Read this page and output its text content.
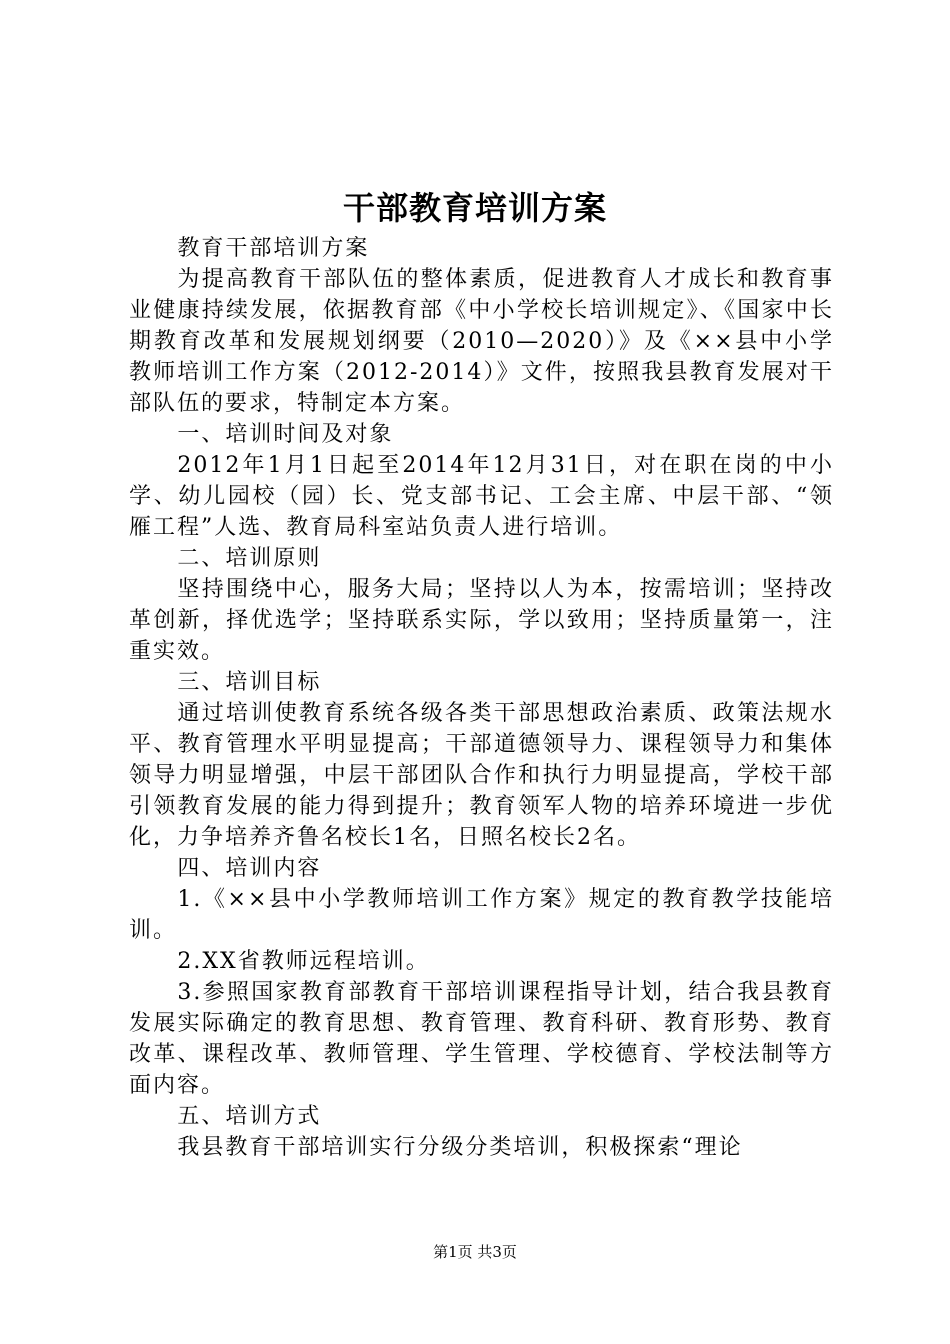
干部教育培训方案

教育干部培训方案

为提高教育干部队伍的整体素质，促进教育人才成长和教育事业健康持续发展，依据教育部《中小学校长培训规定》、《国家中长期教育改革和发展规划纲要（2010—2020）》及《××县中小学教师培训工作方案（2012-2014）》文件，按照我县教育发展对干部队伍的要求，特制定本方案。

一、培训时间及对象

2012年1月1日起至2014年12月31日，对在职在岗的中小学、幼儿园校（园）长、党支部书记、工会主席、中层干部、“领雁工程”人选、教育局科室站负责人进行培训。

二、培训原则

坚持围绕中心，服务大局；坚持以人为本，按需培训；坚持改革创新，择优选学；坚持联系实际，学以致用；坚持质量第一，注重实效。

三、培训目标

通过培训使教育系统各级各类干部思想政治素质、政策法规水平、教育管理水平明显提高；干部道德领导力、课程领导力和集体领导力明显增强，中层干部团队合作和执行力明显提高，学校干部引领教育发展的能力得到提升；教育领军人物的培养环境进一步优化，力争培养齐鲁名校长1名，日照名校长2名。

四、培训内容

1.《××县中小学教师培训工作方案》规定的教育教学技能培训。

2.XX省教师远程培训。

3.参照国家教育部教育干部培训课程指导计划，结合我县教育发展实际确定的教育思想、教育管理、教育科研、教育形势、教育改革、课程改革、教师管理、学生管理、学校德育、学校法制等方面内容。

五、培训方式

我县教育干部培训实行分级分类培训，积极探索“理论

第1页 共3页
